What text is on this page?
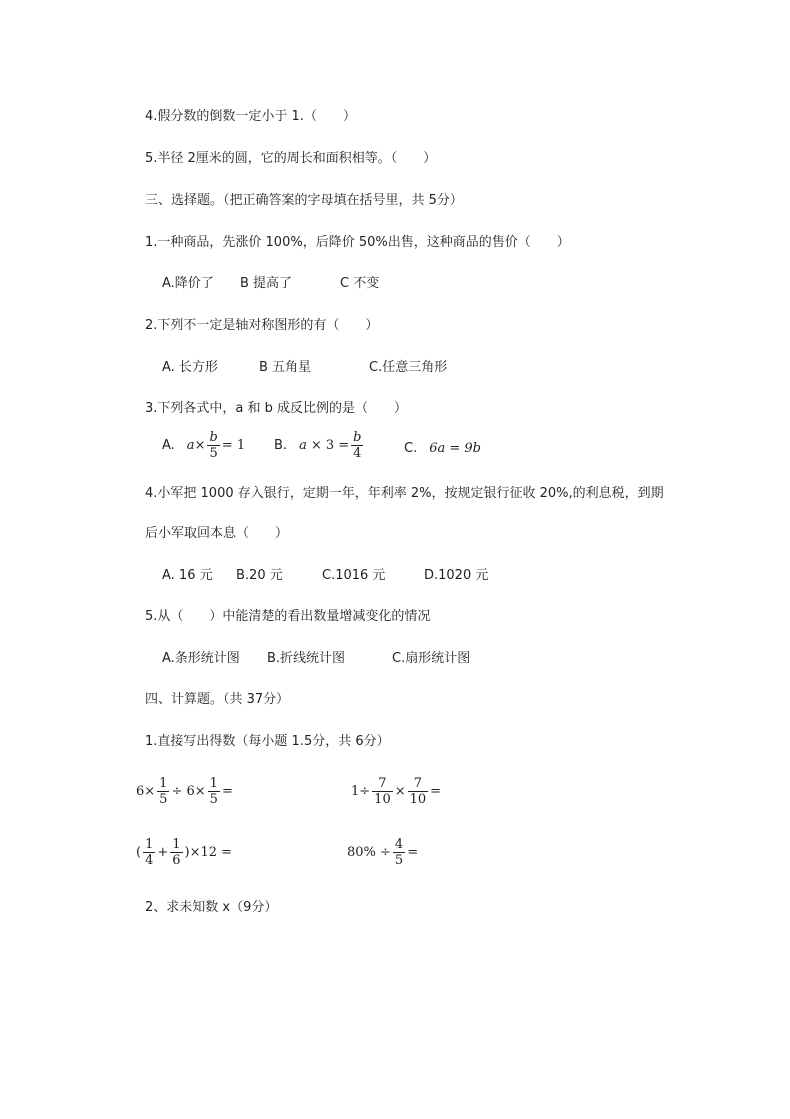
4.假分数的倒数一定小于 1.（　　）
5.半径 2厘米的圆，它的周长和面积相等。（　　）
三、选择题。（把正确答案的字母填在括号里，共 5分）
1.一种商品，先涨价 100%，后降价 50%出售，这种商品的售价（　　）
A.降价了 B 提高了	C 不变
2.下列不一定是轴对称图形的有（　　）
A. 长方形	B 五角星	C.任意三角形
3.下列各式中，a 和 b 成反比例的是（　　）
A. $a \times \frac{b}{5} = 1$ B. $a \times 3 = \frac{b}{4}$	C. 6a = 9b
4.小军把 1000 存入银行，定期一年，年利率 2%，按规定银行征收 20%,的利息税，到期
后小军取回本息（　　）
A. 16 元 B.20 元	C.1016 元	D.1020 元
5.从（　　）中能清楚的看出数量增减变化的情况
A.条形统计图 B.折线统计图	C.扇形统计图
四、计算题。（共 37分）
1.直接写出得数（每小题 1.5分，共 6分）
$6\times \frac{1}{5} \div 6\times \frac{1}{5}$ =	$1\div \frac{7}{10} \times \frac{7}{10}$ =
( $\frac{1}{4} + \frac{1}{6} )\times 12$ =	$80\% \div \frac{4}{5}$ =
2、求未知数 x（9分）
